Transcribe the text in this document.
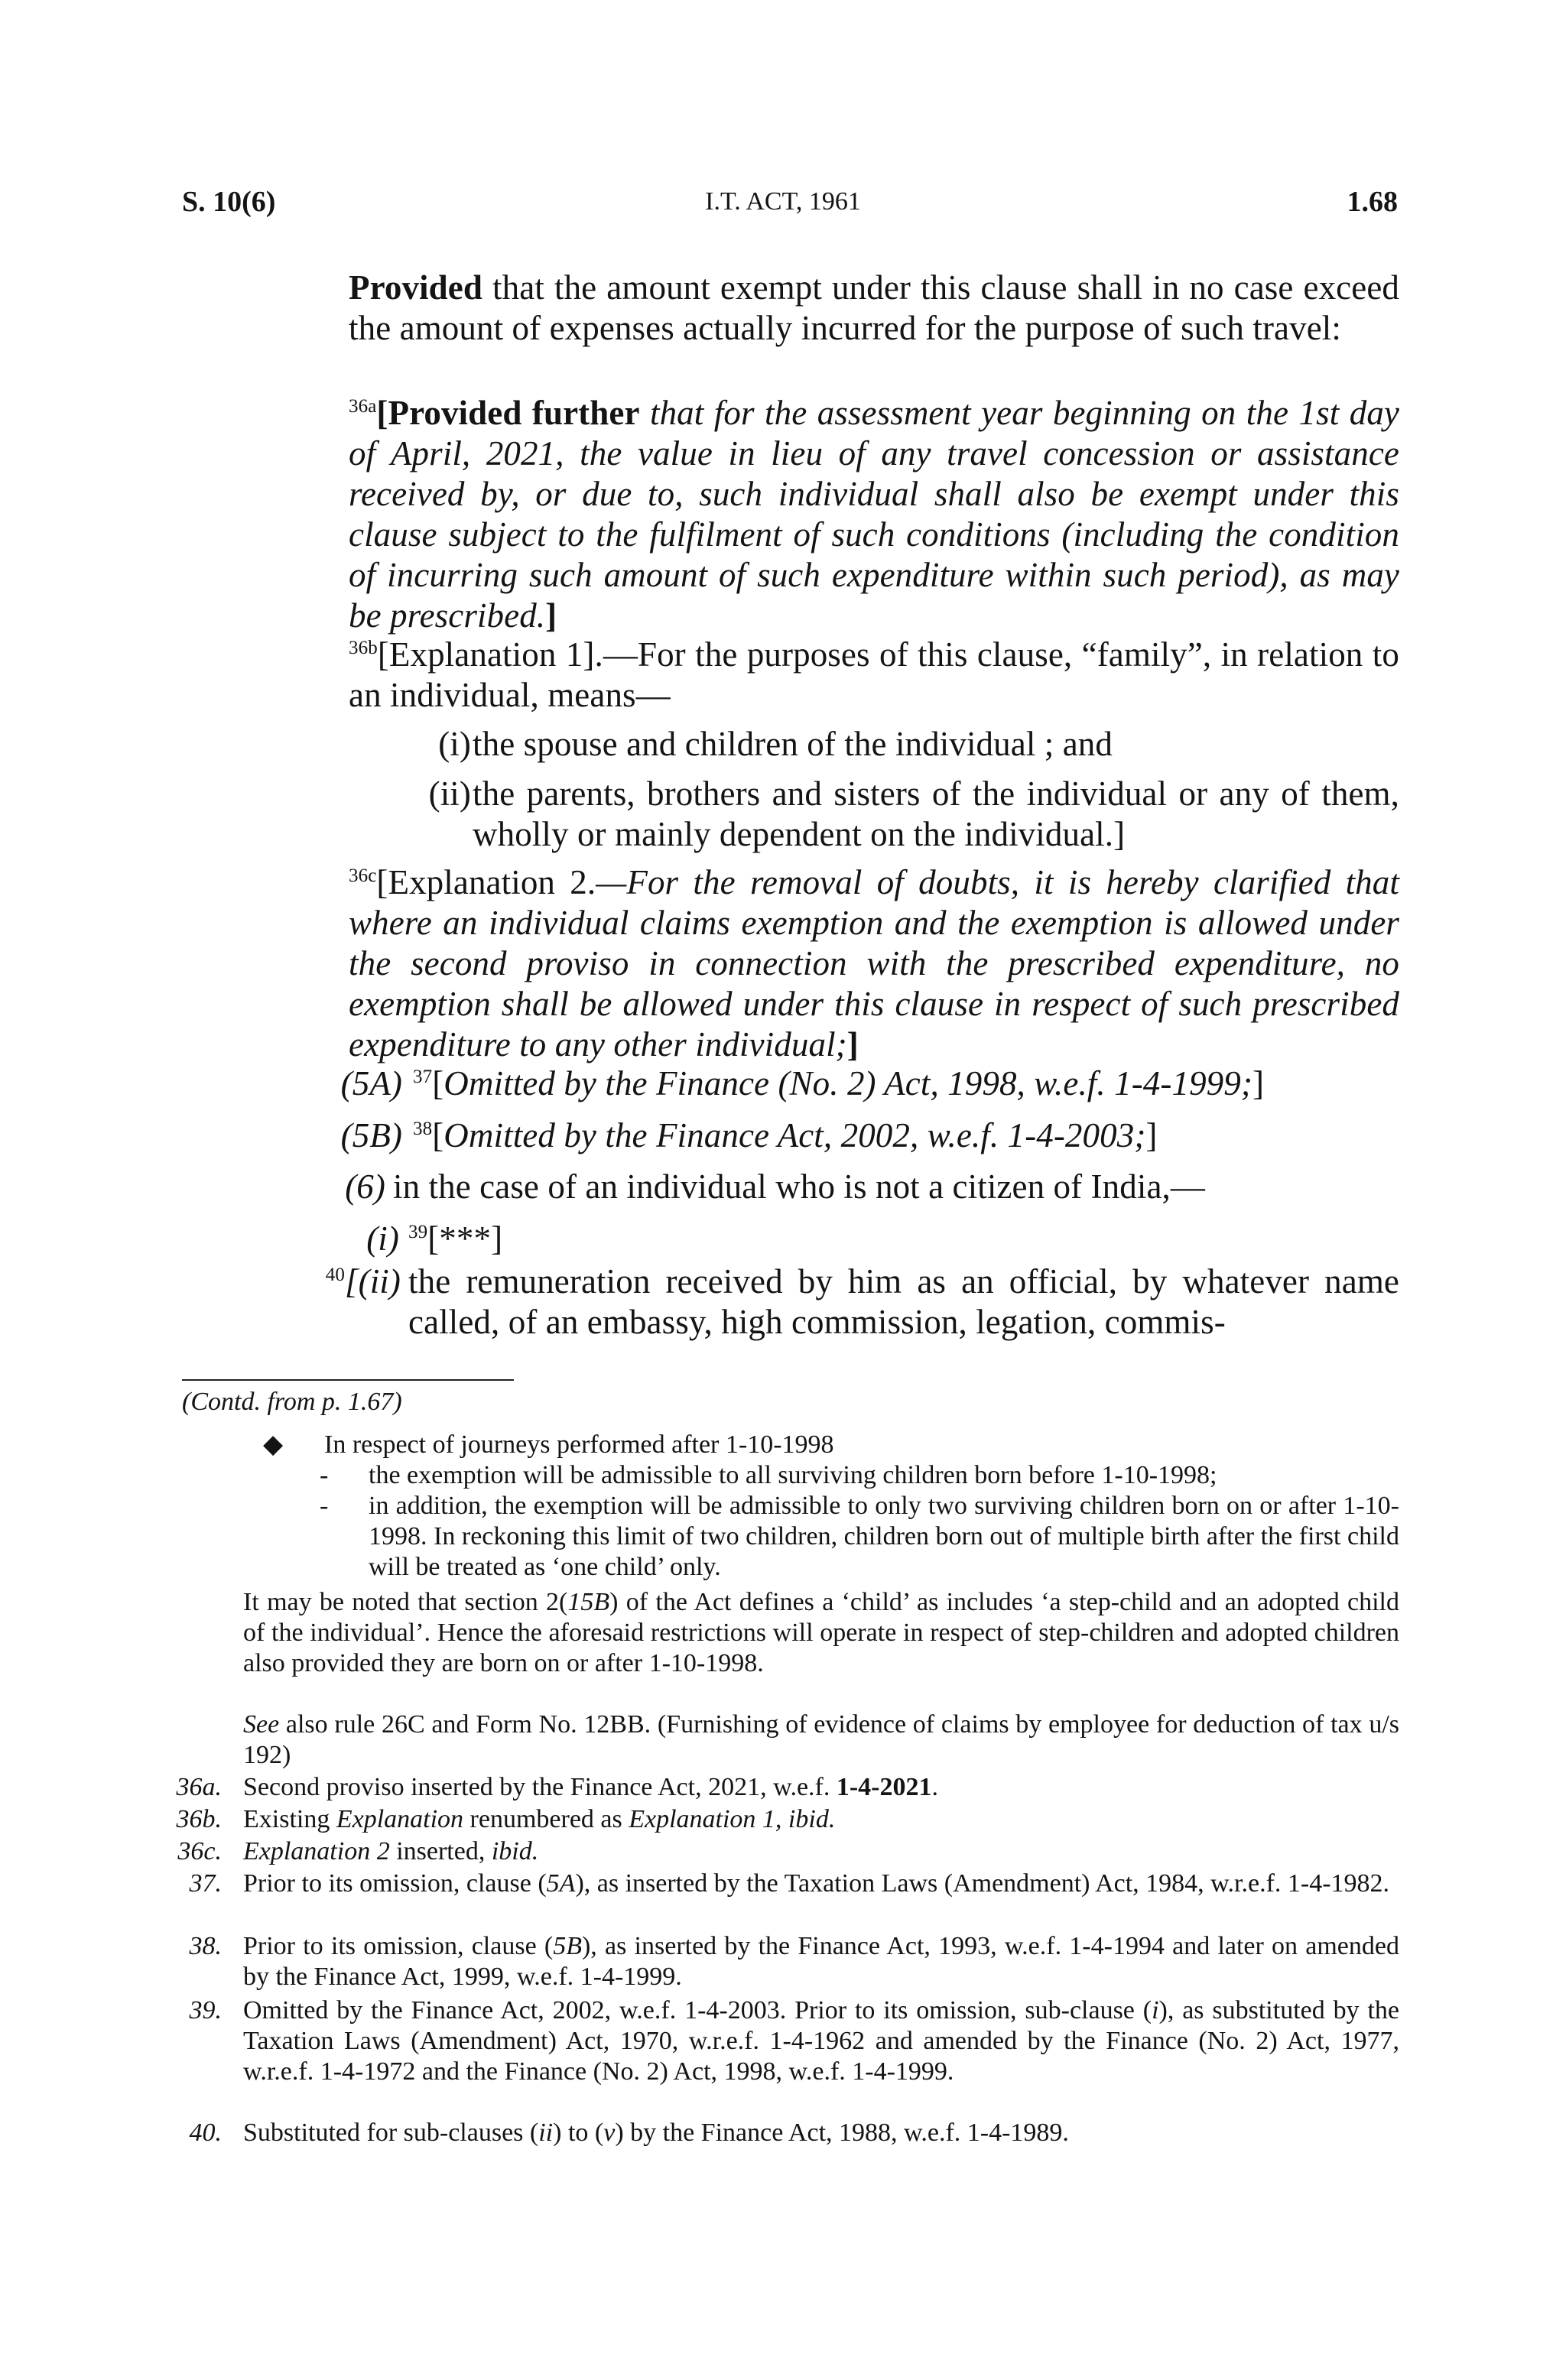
S. 10(6)	I.T. ACT, 1961	1.68
Provided that the amount exempt under this clause shall in no case exceed the amount of expenses actually incurred for the purpose of such travel:
$^{36a}$[Provided further that for the assessment year beginning on the 1st day of April, 2021, the value in lieu of any travel concession or assistance received by, or due to, such individual shall also be exempt under this clause subject to the fulfilment of such conditions (including the condition of incurring such amount of such expenditure within such period), as may be prescribed.]
$^{36b}$[Explanation 1].—For the purposes of this clause, “family”, in relation to an individual, means—
(i) the spouse and children of the individual ; and
(ii) the parents, brothers and sisters of the individual or any of them, wholly or mainly dependent on the individual.]
$^{36c}$[Explanation 2.—For the removal of doubts, it is hereby clarified that where an individual claims exemption and the exemption is allowed under the second proviso in connection with the prescribed expenditure, no exemption shall be allowed under this clause in respect of such prescribed expenditure to any other individual;]
(5A) $^{37}$[Omitted by the Finance (No. 2) Act, 1998, w.e.f. 1-4-1999;]
(5B) $^{38}$[Omitted by the Finance Act, 2002, w.e.f. 1-4-2003;]
(6) in the case of an individual who is not a citizen of India,—
(i) $^{39}$[***]
$^{40}$[(ii) the remuneration received by him as an official, by whatever name called, of an embassy, high commission, legation, commis-
(Contd. from p. 1.67)
◆	In respect of journeys performed after 1-10-1998
-	the exemption will be admissible to all surviving children born before 1-10-1998;
-	in addition, the exemption will be admissible to only two surviving children born on or after 1-10-1998. In reckoning this limit of two children, children born out of multiple birth after the first child will be treated as ‘one child’ only.
It may be noted that section 2(15B) of the Act defines a ‘child’ as includes ‘a step-child and an adopted child of the individual’. Hence the aforesaid restrictions will operate in respect of step-children and adopted children also provided they are born on or after 1-10-1998.
See also rule 26C and Form No. 12BB. (Furnishing of evidence of claims by employee for deduction of tax u/s 192)
36a. Second proviso inserted by the Finance Act, 2021, w.e.f. 1-4-2021.
36b. Existing Explanation renumbered as Explanation 1, ibid.
36c. Explanation 2 inserted, ibid.
37. Prior to its omission, clause (5A), as inserted by the Taxation Laws (Amendment) Act, 1984, w.r.e.f. 1-4-1982.
38. Prior to its omission, clause (5B), as inserted by the Finance Act, 1993, w.e.f. 1-4-1994 and later on amended by the Finance Act, 1999, w.e.f. 1-4-1999.
39. Omitted by the Finance Act, 2002, w.e.f. 1-4-2003. Prior to its omission, sub-clause (i), as substituted by the Taxation Laws (Amendment) Act, 1970, w.r.e.f. 1-4-1962 and amended by the Finance (No. 2) Act, 1977, w.r.e.f. 1-4-1972 and the Finance (No. 2) Act, 1998, w.e.f. 1-4-1999.
40. Substituted for sub-clauses (ii) to (v) by the Finance Act, 1988, w.e.f. 1-4-1989.
